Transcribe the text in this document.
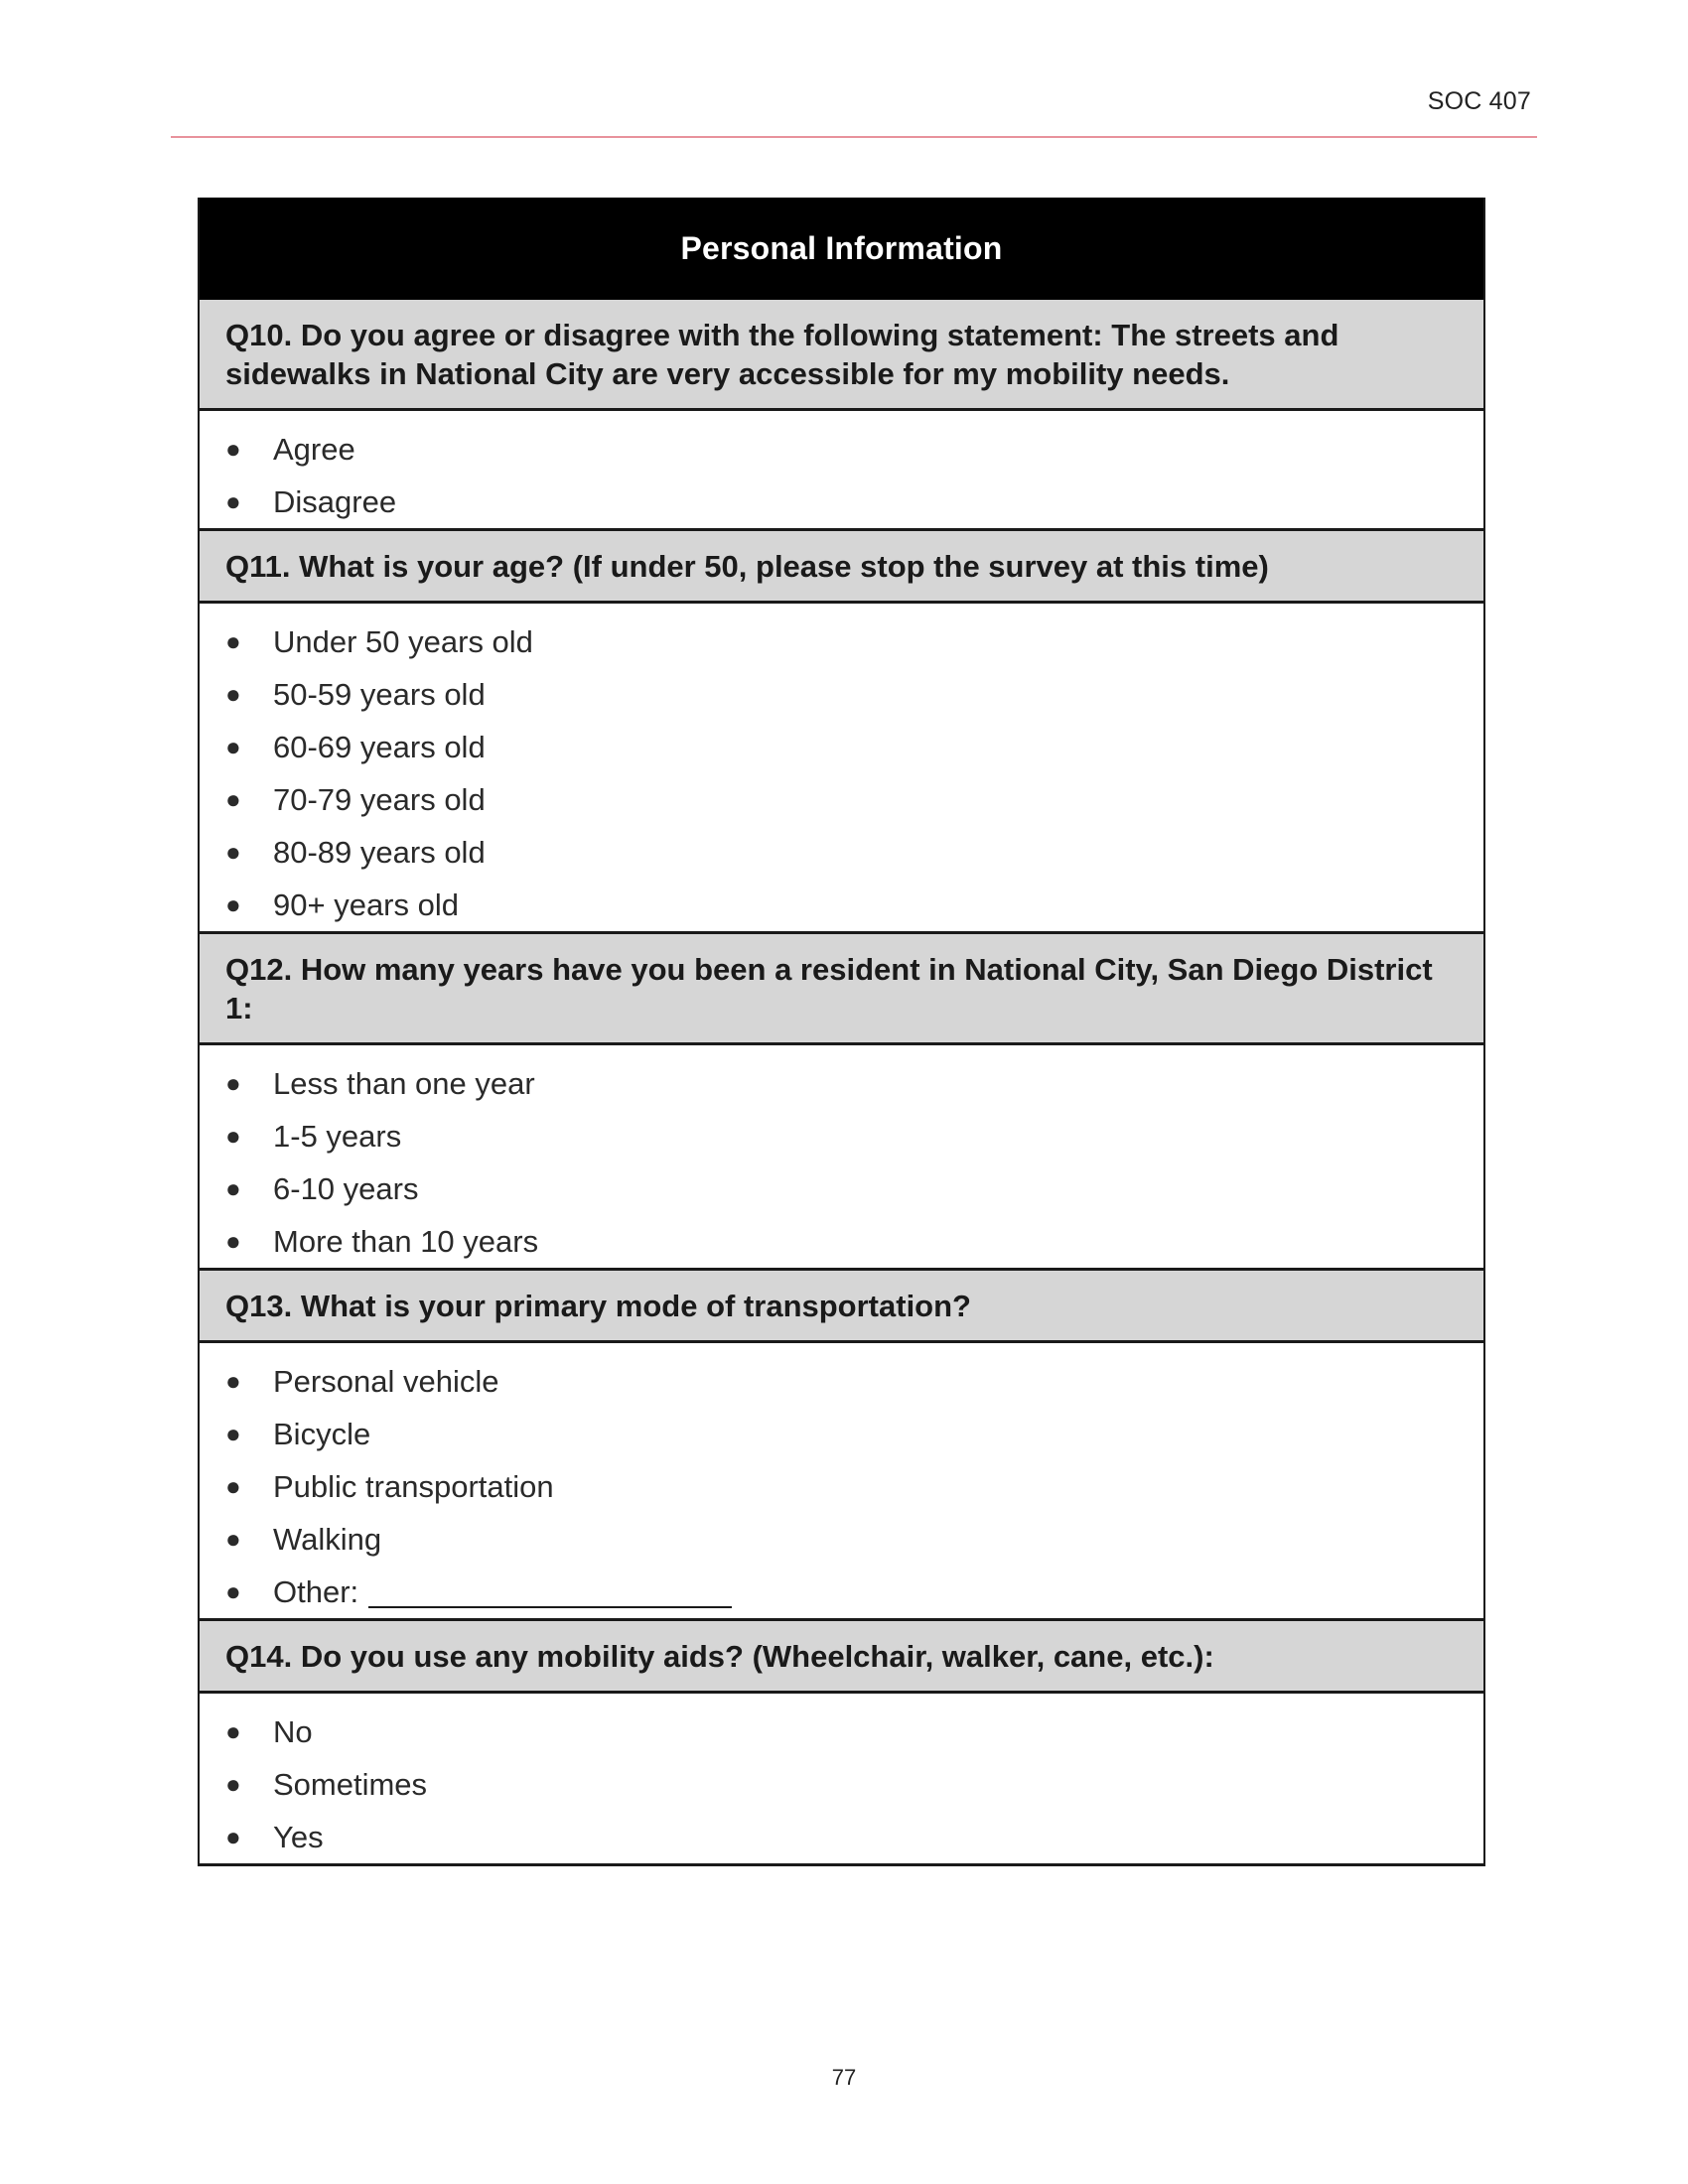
SOC 407
Personal Information
Q10. Do you agree or disagree with the following statement: The streets and sidewalks in National City are very accessible for my mobility needs.
●	Agree
●	Disagree
Q11. What is your age? (If under 50, please stop the survey at this time)
●	Under 50 years old
●	50-59 years old
●	60-69 years old
●	70-79 years old
●	80-89 years old
●	90+ years old
Q12. How many years have you been a resident in National City, San Diego District 1:
●	Less than one year
●	1-5 years
●	6-10 years
●	More than 10 years
Q13. What is your primary mode of transportation?
●	Personal vehicle
●	Bicycle
●	Public transportation
●	Walking
●	Other:
Q14. Do you use any mobility aids? (Wheelchair, walker, cane, etc.):
●	No
●	Sometimes
●	Yes
77
